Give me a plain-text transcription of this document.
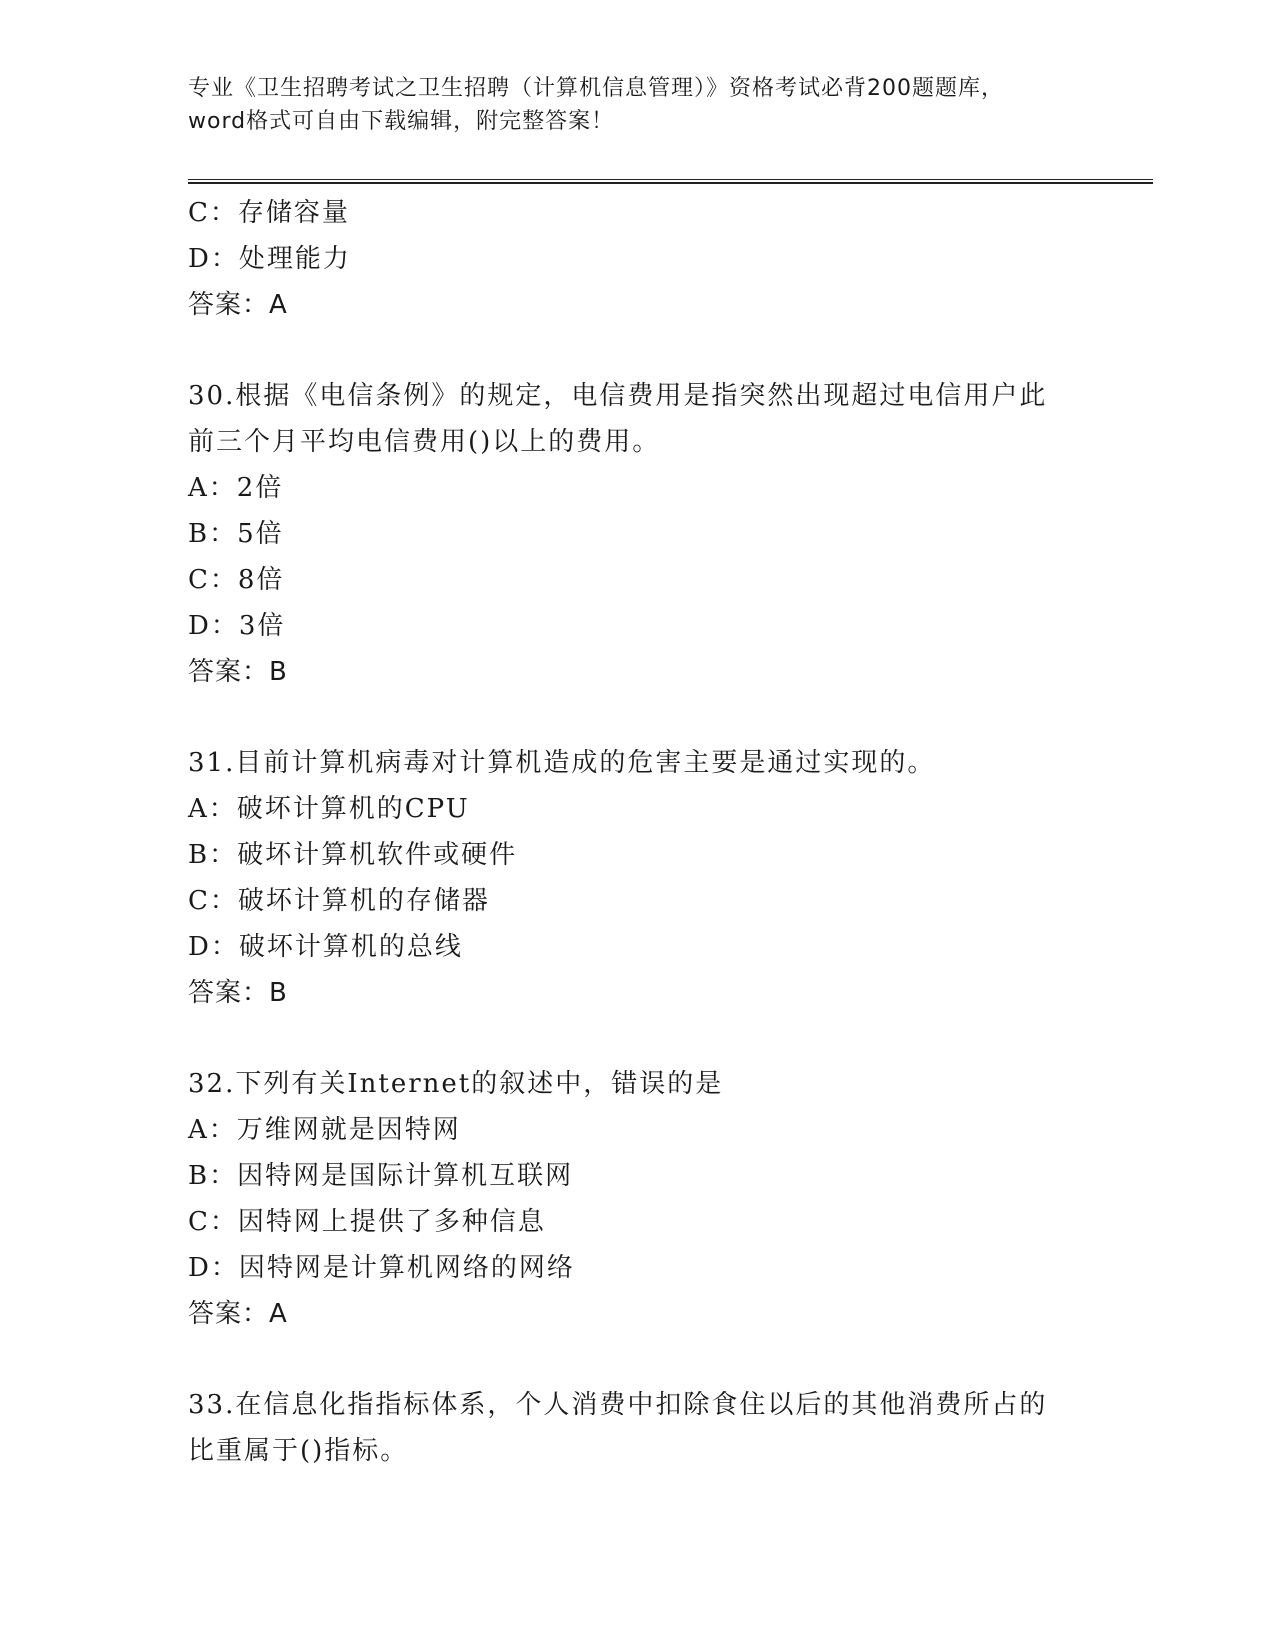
专业《卫生招聘考试之卫生招聘（计算机信息管理）》资格考试必背200题题库，
word格式可自由下载编辑，附完整答案！
C：存储容量
D：处理能力
答案：A
30.根据《电信条例》的规定，电信费用是指突然出现超过电信用户此
前三个月平均电信费用()以上的费用。
A：2倍
B：5倍
C：8倍
D：3倍
答案：B
31.目前计算机病毒对计算机造成的危害主要是通过实现的。
A：破坏计算机的CPU
B：破坏计算机软件或硬件
C：破坏计算机的存储器
D：破坏计算机的总线
答案：B
32.下列有关Internet的叙述中，错误的是
A：万维网就是因特网
B：因特网是国际计算机互联网
C：因特网上提供了多种信息
D：因特网是计算机网络的网络
答案：A
33.在信息化指指标体系，个人消费中扣除食住以后的其他消费所占的
比重属于()指标。
